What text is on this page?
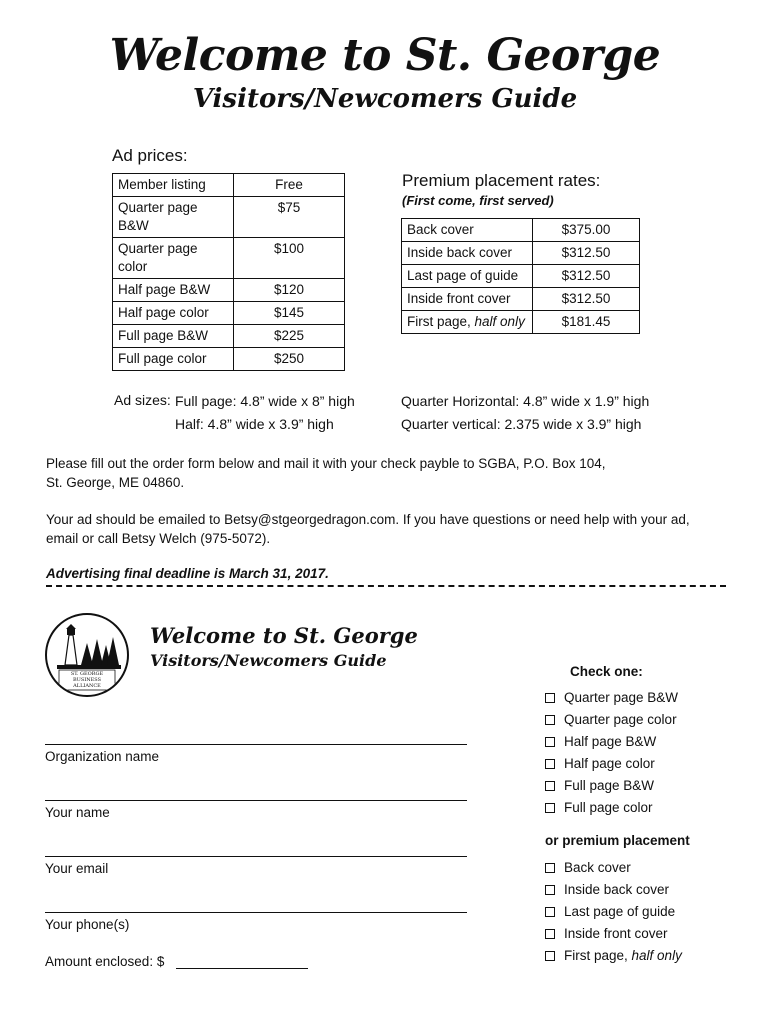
Welcome to St. George
Visitors/Newcomers Guide
Ad prices:
Member listing	Free
Quarter page B&W	$75
Quarter page color	$100
Half page B&W	$120
Half page color	$145
Full page B&W	$225
Full page color	$250
Premium placement rates:
(First come, first served)
Back cover	$375.00
Inside back cover	$312.50
Last page of guide	$312.50
Inside front cover	$312.50
First page, half only	$181.45
Ad sizes: Full page: 4.8” wide x 8” high
Half: 4.8” wide x 3.9” high
Quarter Horizontal: 4.8” wide x 1.9” high
Quarter vertical: 2.375 wide x 3.9” high
Please fill out the order form below and mail it with your check payble to SGBA, P.O. Box 104,
St. George, ME 04860.
Your ad should be emailed to Betsy@stgeorgedragon.com. If you have questions or need help with your ad,
email or call Betsy Welch (975-5072).
Advertising final deadline is March 31, 2017.
ST. GEORGE
BUSINESS
ALLIANCE
Welcome to St. George
Visitors/Newcomers Guide
Organization name
Your name
Your email
Your phone(s)
Amount enclosed: $
Check one:
Quarter page B&W
Quarter page color
Half page B&W
Half page color
Full page B&W
Full page color
or premium placement
Back cover
Inside back cover
Last page of guide
Inside front cover
First page, half only
